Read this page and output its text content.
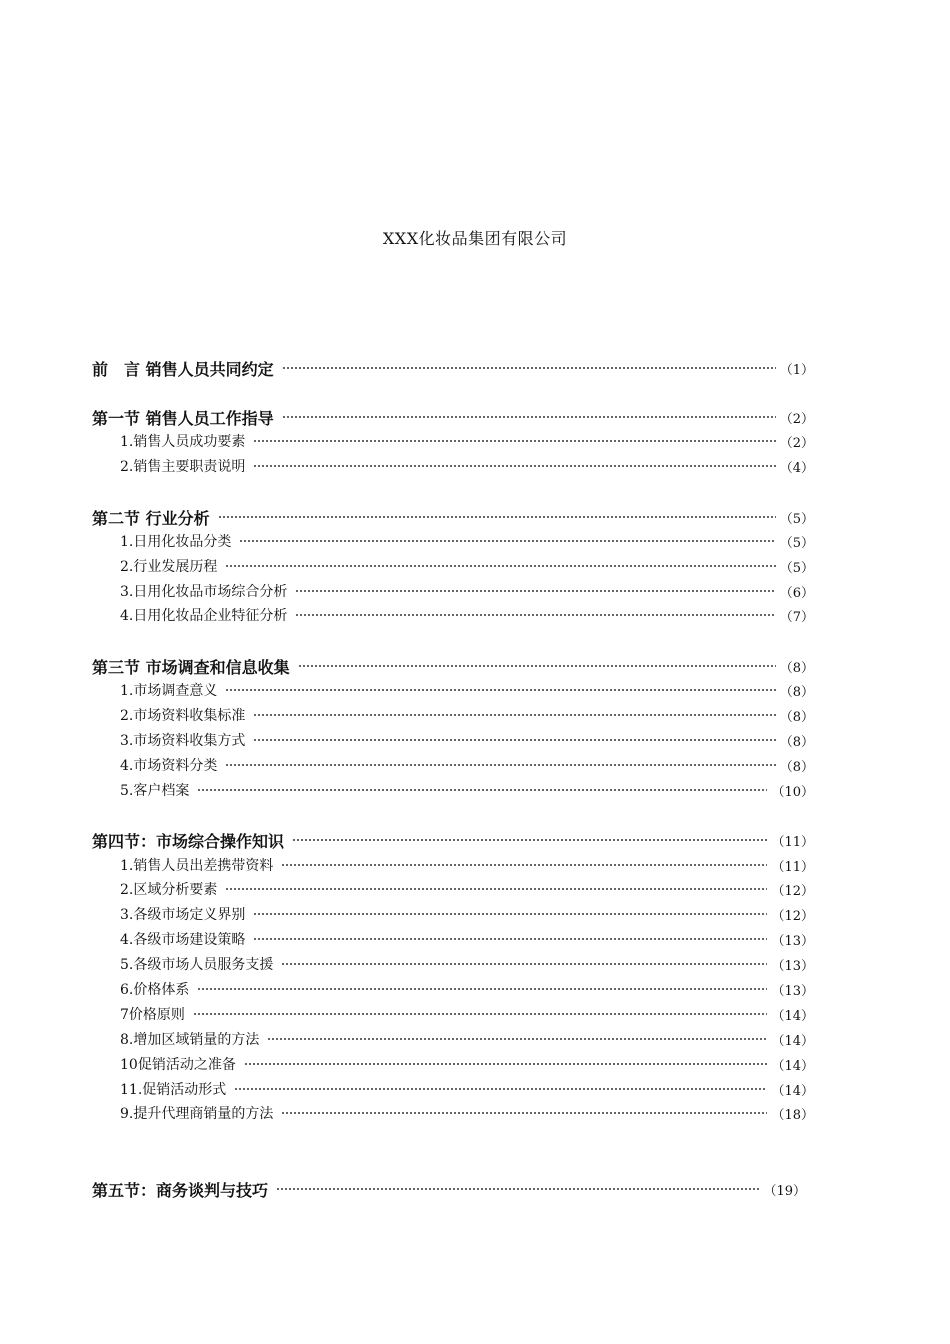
XXX化妆品集团有限公司
前　言 销售人员共同约定	（1）
第一节 销售人员工作指导	（2）
1.销售人员成功要素	（2）
2.销售主要职责说明	（4）
第二节 行业分析	（5）
1.日用化妆品分类	（5）
2.行业发展历程	（5）
3.日用化妆品市场综合分析	（6）
4.日用化妆品企业特征分析	（7）
第三节 市场调查和信息收集	（8）
1.市场调查意义	（8）
2.市场资料收集标准	（8）
3.市场资料收集方式	（8）
4.市场资料分类	（8）
5.客户档案	（10）
第四节：市场综合操作知识	（11）
1.销售人员出差携带资料	（11）
2.区域分析要素	（12）
3.各级市场定义界别	（12）
4.各级市场建设策略	（13）
5.各级市场人员服务支援	（13）
6.价格体系	（13）
7价格原则	（14）
8.增加区域销量的方法	（14）
10促销活动之准备	（14）
11.促销活动形式	（14）
9.提升代理商销量的方法	（18）
第五节：商务谈判与技巧	（19）
